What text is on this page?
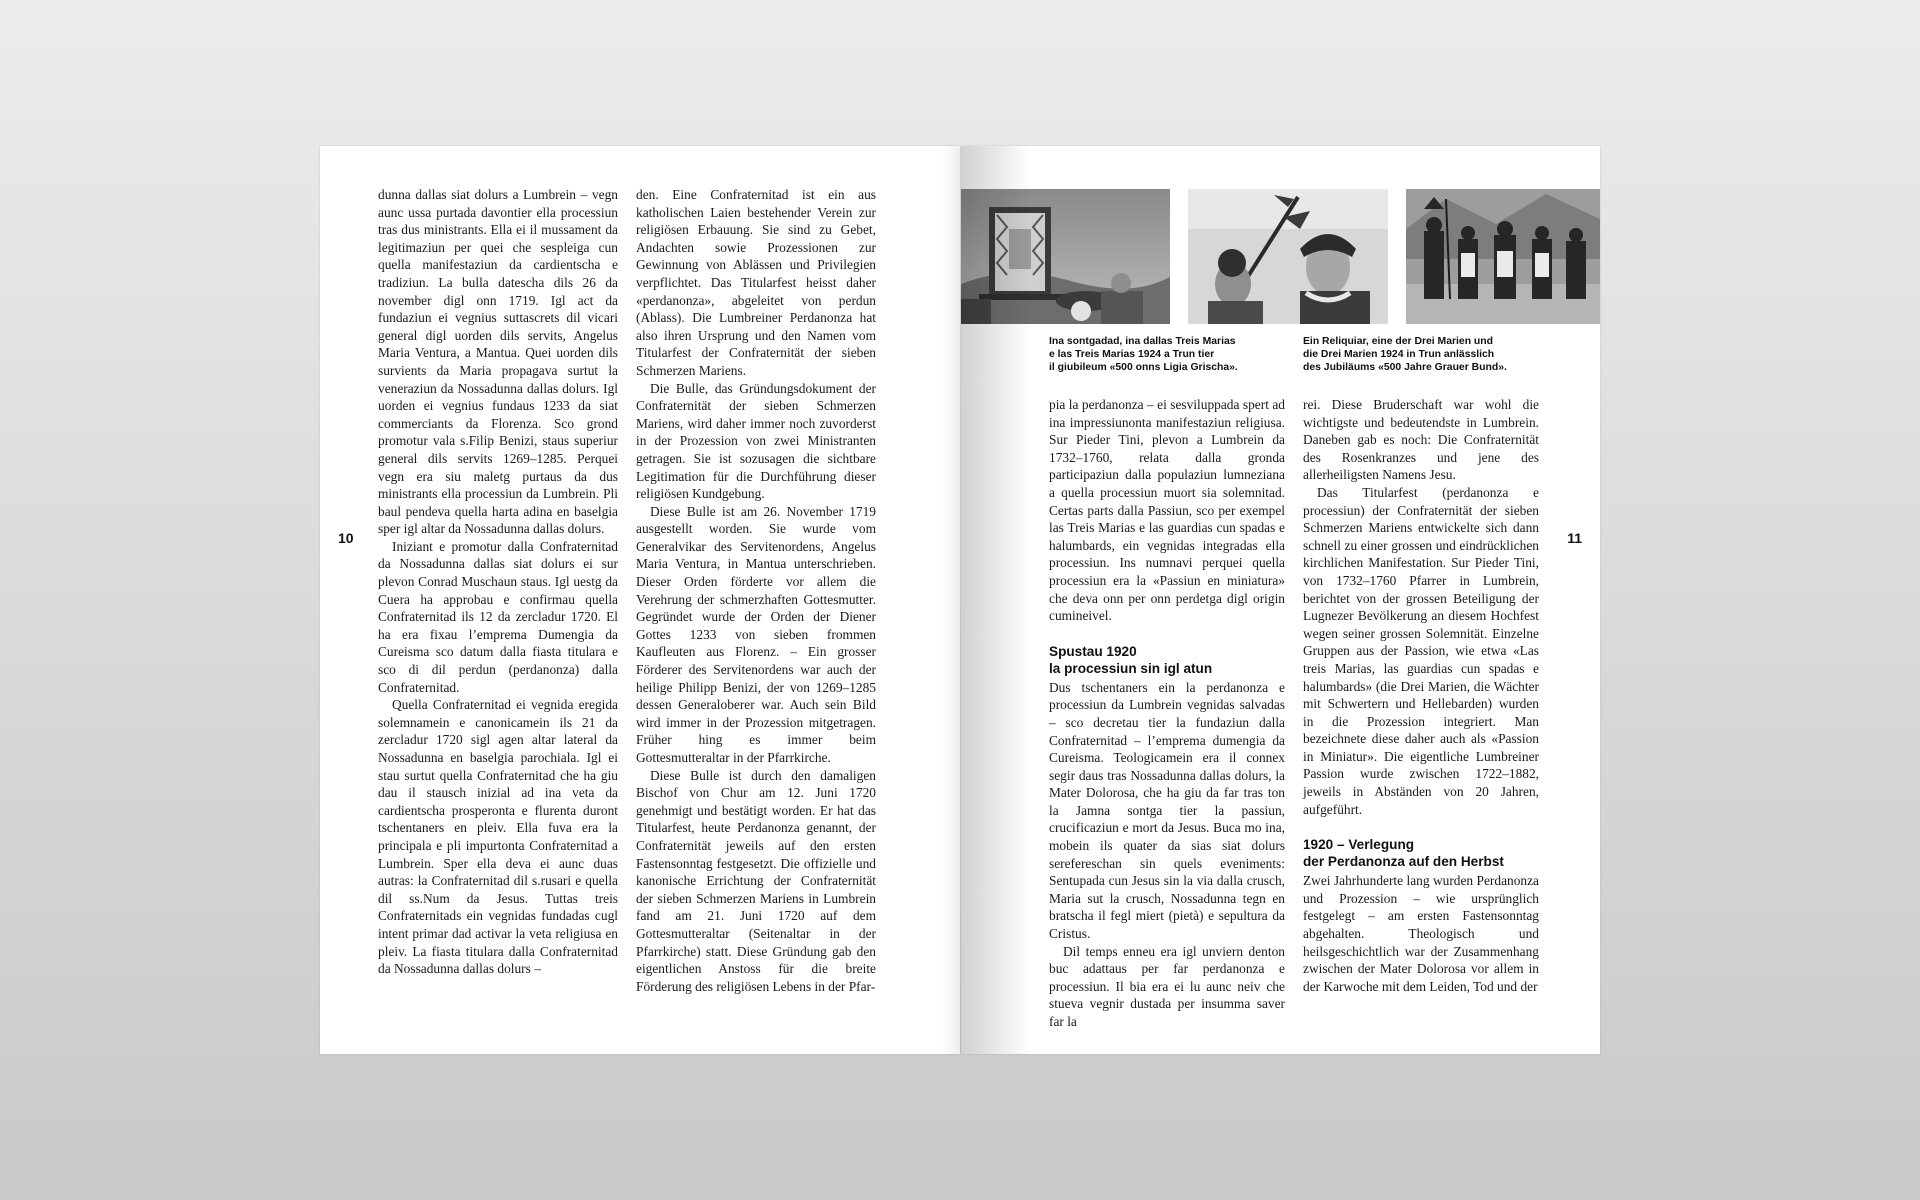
10

dunna dallas siat dolurs a Lumbrein – vegn aunc ussa purtada davontier ella processiun tras dus ministrants. Ella ei il mussament da legitimaziun per quei che sespleiga cun quella manifestaziun da cardientscha e tradiziun. La bulla datescha dils 26 da november digl onn 1719. Igl act da fundaziun ei vegnius suttascrets dil vicari general digl uorden dils servits, Angelus Maria Ventura, a Mantua. Quei uorden dils survients da Maria propagava surtut la veneraziun da Nossadunna dallas dolurs. Igl uorden ei vegnius fundaus 1233 da siat commerciants da Florenza. Sco grond promotur vala s.Filip Benizi, staus superiur general dils servits 1269–1285. Perquei vegn era siu maletg purtaus da dus ministrants ella processiun da Lumbrein. Pli baul pendeva quella harta adina en baselgia sper igl altar da Nossadunna dallas dolurs.

Iniziant e promotur dalla Confraternitad da Nossadunna dallas siat dolurs ei sur plevon Conrad Muschaun staus. Igl uestg da Cuera ha approbau e confirmau quella Confraternitad ils 12 da zercladur 1720. El ha era fixau l’emprema Dumengia da Cureisma sco datum dalla fiasta titulara e sco di dil perdun (perdanonza) dalla Confraternitad.

Quella Confraternitad ei vegnida eregida solemnamein e canonicamein ils 21 da zercladur 1720 sigl agen altar lateral da Nossadunna en baselgia parochiala. Igl ei stau surtut quella Confraternitad che ha giu dau il stausch inizial ad ina veta da cardientscha prosperonta e flurenta duront tschentaners en pleiv. Ella fuva era la principala e pli impurtonta Confraternitad a Lumbrein. Sper ella deva ei aunc duas autras: la Confraternitad dil s.rusari e quella dil ss.Num da Jesus. Tuttas treis Confraternitads ein vegnidas fundadas cugl intent primar dad activar la veta religiusa en pleiv. La fiasta titulara dalla Confraternitad da Nossadunna dallas dolurs –

den. Eine Confraternitad ist ein aus katholischen Laien bestehender Verein zur religiösen Erbauung. Sie sind zu Gebet, Andachten sowie Prozessionen zur Gewinnung von Ablässen und Privilegien verpflichtet. Das Titularfest heisst daher «perdanonza», abgeleitet von perdun (Ablass). Die Lumbreiner Perdanonza hat also ihren Ursprung und den Namen vom Titularfest der Confraternität der sieben Schmerzen Mariens.

Die Bulle, das Gründungsdokument der Confraternität der sieben Schmerzen Mariens, wird daher immer noch zuvorderst in der Prozession von zwei Ministranten getragen. Sie ist sozusagen die sichtbare Legitimation für die Durchführung dieser religiösen Kundgebung.

Diese Bulle ist am 26. November 1719 ausgestellt worden. Sie wurde vom Generalvikar des Servitenordens, Angelus Maria Ventura, in Mantua unterschrieben. Dieser Orden förderte vor allem die Verehrung der schmerzhaften Gottesmutter. Gegründet wurde der Orden der Diener Gottes 1233 von sieben frommen Kaufleuten aus Florenz. – Ein grosser Förderer des Servitenordens war auch der heilige Philipp Benizi, der von 1269–1285 dessen Generaloberer war. Auch sein Bild wird immer in der Prozession mitgetragen. Früher hing es immer beim Gottesmutteraltar in der Pfarrkirche.

Diese Bulle ist durch den damaligen Bischof von Chur am 12. Juni 1720 genehmigt und bestätigt worden. Er hat das Titularfest, heute Perdanonza genannt, der Confraternität jeweils auf den ersten Fastensonntag festgesetzt. Die offizielle und kanonische Errichtung der Confraternität der sieben Schmerzen Mariens in Lumbrein fand am 21. Juni 1720 auf dem Gottesmutteraltar (Seitenaltar in der Pfarrkirche) statt. Diese Gründung gab den eigentlichen Anstoss für die breite Förderung des religiösen Lebens in der Pfar-

11
Ina sontgadad, ina dallas Treis Marias
e las Treis Marias 1924 a Trun tier
il giubileum «500 onns Ligia Grischa».
Ein Reliquiar, eine der Drei Marien und
die Drei Marien 1924 in Trun anlässlich
des Jubiläums «500 Jahre Grauer Bund».

pia la perdanonza – ei sesviluppada spert ad ina impressiunonta manifestaziun religiusa. Sur Pieder Tini, plevon a Lumbrein da 1732–1760, relata dalla gronda participaziun dalla populaziun lumneziana a quella processiun muort sia solemnitad. Certas parts dalla Passiun, sco per exempel las Treis Marias e las guardias cun spadas e halumbards, ein vegnidas integradas ella processiun. Ins numnavi perquei quella processiun era la «Passiun en miniatura» che deva onn per onn perdetga digl origin cumineivel.

Spustau 1920
la processiun sin igl atun

Dus tschentaners ein la perdanonza e processiun da Lumbrein vegnidas salvadas – sco decretau tier la fundaziun dalla Confraternitad – l’emprema dumengia da Cureisma. Teologicamein era il connex segir daus tras Nossadunna dallas dolurs, la Mater Dolorosa, che ha giu da far tras ton la Jamna sontga tier la passiun, crucificaziun e mort da Jesus. Buca mo ina, mobein ils quater da sias siat dolurs serefereschan sin quels eveniments: Sentupada cun Jesus sin la via dalla crusch, Maria sut la crusch, Nossadunna tegn en bratscha il fegl miert (pietà) e sepultura da Cristus.

Dil temps enneu era igl unviern denton buc adattaus per far perdanonza e processiun. Il bia era ei lu aunc neiv che stueva vegnir dustada per insumma saver far la

rei. Diese Bruderschaft war wohl die wichtigste und bedeutendste in Lumbrein. Daneben gab es noch: Die Confraternität des Rosenkranzes und jene des allerheiligsten Namens Jesu.

Das Titularfest (perdanonza e processiun) der Confraternität der sieben Schmerzen Mariens entwickelte sich dann schnell zu einer grossen und eindrücklichen kirchlichen Manifestation. Sur Pieder Tini, von 1732–1760 Pfarrer in Lumbrein, berichtet von der grossen Beteiligung der Lugnezer Bevölkerung an diesem Hochfest wegen seiner grossen Solemnität. Einzelne Gruppen aus der Passion, wie etwa «Las treis Marias, las guardias cun spadas e halumbards» (die Drei Marien, die Wächter mit Schwertern und Hellebarden) wurden in die Prozession integriert. Man bezeichnete diese daher auch als «Passion in Miniatur». Die eigentliche Lumbreiner Passion wurde zwischen 1722–1882, jeweils in Abständen von 20 Jahren, aufgeführt.

1920 – Verlegung
der Perdanonza auf den Herbst

Zwei Jahrhunderte lang wurden Perdanonza und Prozession – wie ursprünglich festgelegt – am ersten Fastensonntag abgehalten. Theologisch und heilsgeschichtlich war der Zusammenhang zwischen der Mater Dolorosa vor allem in der Karwoche mit dem Leiden, Tod und der
